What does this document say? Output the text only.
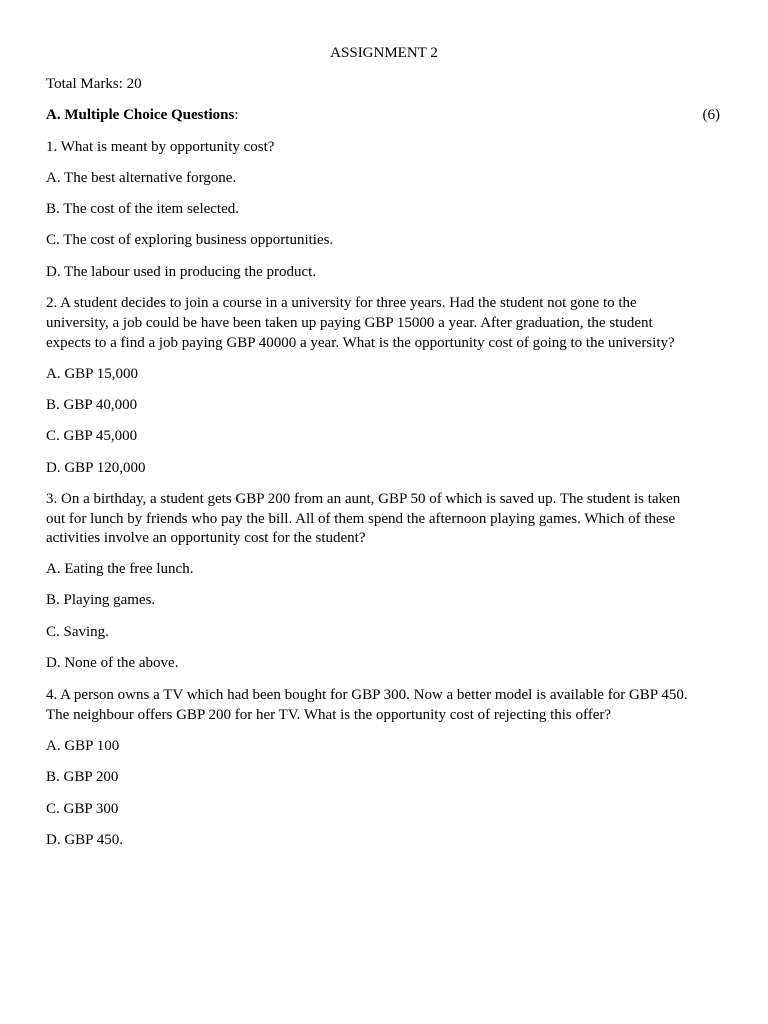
ASSIGNMENT 2
Total Marks: 20
A. Multiple Choice Questions:	(6)
1. What is meant by opportunity cost?
A. The best alternative forgone.
B. The cost of the item selected.
C. The cost of exploring business opportunities.
D. The labour used in producing the product.
2. A student decides to join a course in a university for three years. Had the student not gone to the
university, a job could be have been taken up paying GBP 15000 a year. After graduation, the student
expects to a find a job paying GBP 40000 a year. What is the opportunity cost of going to the university?
A. GBP 15,000
B. GBP 40,000
C. GBP 45,000
D. GBP 120,000
3. On a birthday, a student gets GBP 200 from an aunt, GBP 50 of which is saved up. The student is taken
out for lunch by friends who pay the bill. All of them spend the afternoon playing games. Which of these
activities involve an opportunity cost for the student?
A. Eating the free lunch.
B. Playing games.
C. Saving.
D. None of the above.
4. A person owns a TV which had been bought for GBP 300. Now a better model is available for GBP 450.
The neighbour offers GBP 200 for her TV. What is the opportunity cost of rejecting this offer?
A. GBP 100
B. GBP 200
C. GBP 300
D. GBP 450.
